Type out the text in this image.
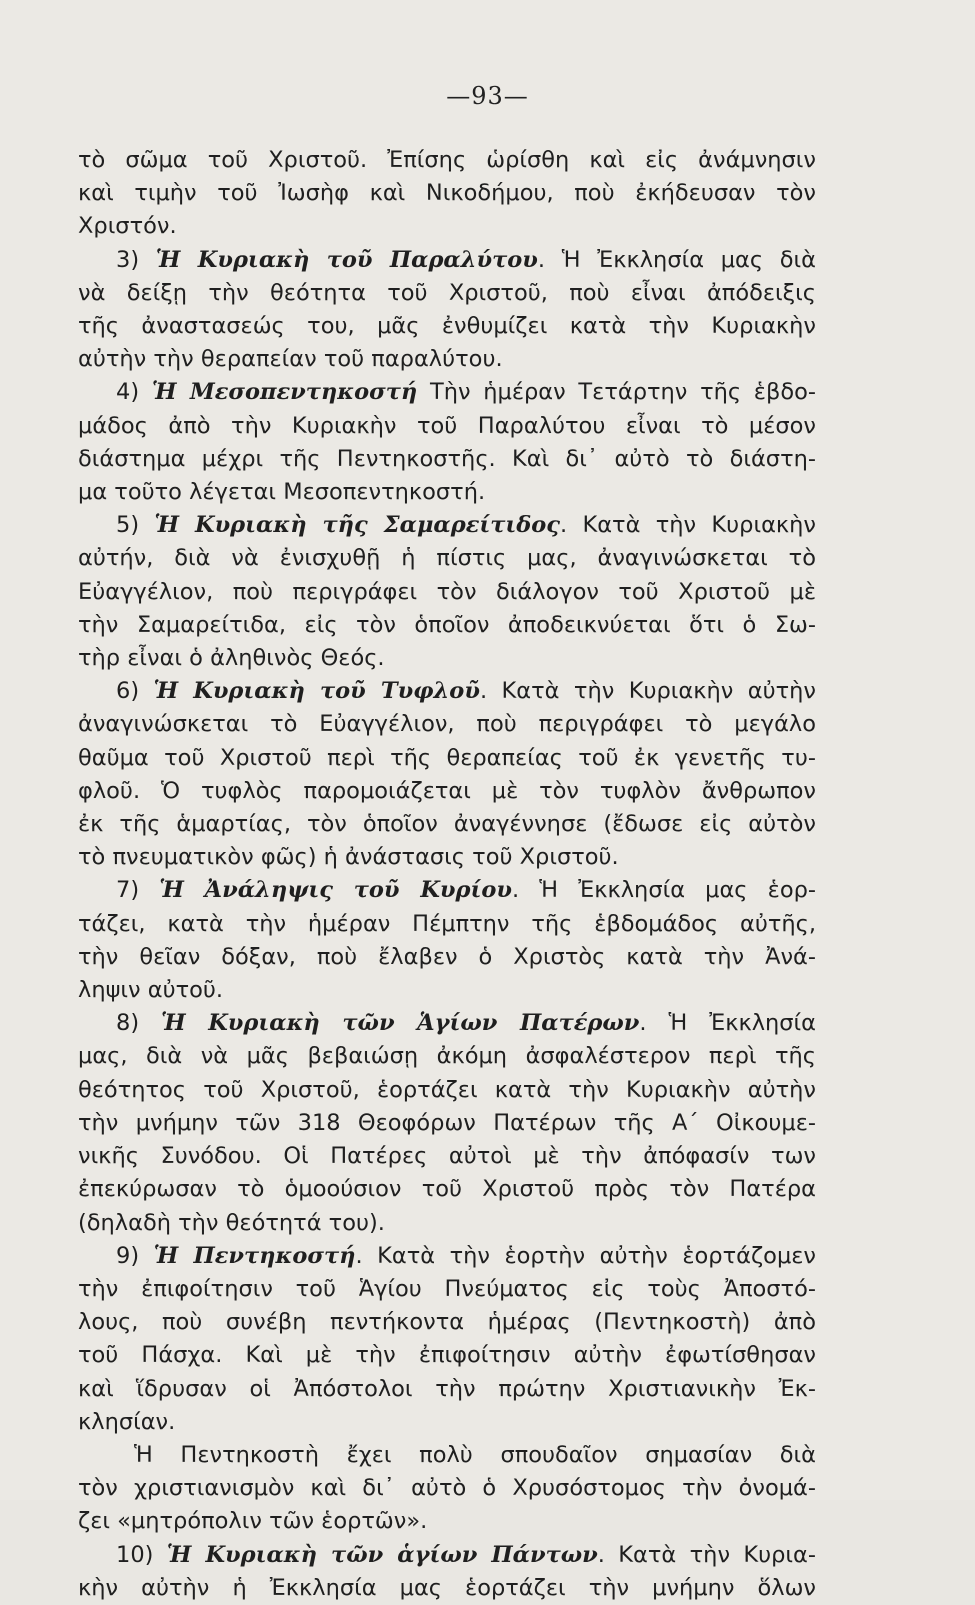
—93—
τὸ σῶμα τοῦ Χριστοῦ. Ἐπίσης ὡρίσθη καὶ εἰς ἀνάμνησιν
καὶ τιμὴν τοῦ Ἰωσὴφ καὶ Νικοδήμου, ποὺ ἐκήδευσαν τὸν
Χριστόν.
3) Ἡ Κυριακὴ τοῦ Παραλύτου. Ἡ Ἐκκλησία μας διὰ
νὰ δείξῃ τὴν θεότητα τοῦ Χριστοῦ, ποὺ εἶναι ἀπόδειξις
τῆς ἀναστασεώς του, μᾶς ἐνθυμίζει κατὰ τὴν Κυριακὴν
αὐτὴν τὴν θεραπείαν τοῦ παραλύτου.
4) Ἡ Μεσοπεντηκοστή Τὴν ἡμέραν Τετάρτην τῆς ἑβδο-
μάδος ἀπὸ τὴν Κυριακὴν τοῦ Παραλύτου εἶναι τὸ μέσον
διάστημα μέχρι τῆς Πεντηκοστῆς. Καὶ δι᾿ αὐτὸ τὸ διάστη-
μα τοῦτο λέγεται Μεσοπεντηκοστή.
5) Ἡ Κυριακὴ τῆς Σαμαρείτιδος. Κατὰ τὴν Κυριακὴν
αὐτήν, διὰ νὰ ἐνισχυθῇ ἡ πίστις μας, ἀναγινώσκεται τὸ
Εὐαγγέλιον, ποὺ περιγράφει τὸν διάλογον τοῦ Χριστοῦ μὲ
τὴν Σαμαρείτιδα, εἰς τὸν ὁποῖον ἀποδεικνύεται ὅτι ὁ Σω-
τὴρ εἶναι ὁ ἀληθινὸς Θεός.
6) Ἡ Κυριακὴ τοῦ Τυφλοῦ. Κατὰ τὴν Κυριακὴν αὐτὴν
ἀναγινώσκεται τὸ Εὐαγγέλιον, ποὺ περιγράφει τὸ μεγάλο
θαῦμα τοῦ Χριστοῦ περὶ τῆς θεραπείας τοῦ ἐκ γενετῆς τυ-
φλοῦ. Ὁ τυφλὸς παρομοιάζεται μὲ τὸν τυφλὸν ἄνθρωπον
ἐκ τῆς ἁμαρτίας, τὸν ὁποῖον ἀναγέννησε (ἔδωσε εἰς αὐτὸν
τὸ πνευματικὸν φῶς) ἡ ἀνάστασις τοῦ Χριστοῦ.
7) Ἡ Ἀνάληψις τοῦ Κυρίου. Ἡ Ἐκκλησία μας ἑορ-
τάζει, κατὰ τὴν ἡμέραν Πέμπτην τῆς ἑβδομάδος αὐτῆς,
τὴν θεῖαν δόξαν, ποὺ ἔλαβεν ὁ Χριστὸς κατὰ τὴν Ἀνά-
ληψιν αὐτοῦ.
8) Ἡ Κυριακὴ τῶν Ἁγίων Πατέρων. Ἡ Ἐκκλησία
μας, διὰ νὰ μᾶς βεβαιώσῃ ἀκόμη ἀσφαλέστερον περὶ τῆς
θεότητος τοῦ Χριστοῦ, ἑορτάζει κατὰ τὴν Κυριακὴν αὐτὴν
τὴν μνήμην τῶν 318 Θεοφόρων Πατέρων τῆς Α΄ Οἰκουμε-
νικῆς Συνόδου. Οἱ Πατέρες αὐτοὶ μὲ τὴν ἀπόφασίν των
ἐπεκύρωσαν τὸ ὁμοούσιον τοῦ Χριστοῦ πρὸς τὸν Πατέρα
(δηλαδὴ τὴν θεότητά του).
9) Ἡ Πεντηκοστή. Κατὰ τὴν ἑορτὴν αὐτὴν ἑορτάζομεν
τὴν ἐπιφοίτησιν τοῦ Ἁγίου Πνεύματος εἰς τοὺς Ἀποστό-
λους, ποὺ συνέβη πεντήκοντα ἡμέρας (Πεντηκοστὴ) ἀπὸ
τοῦ Πάσχα. Καὶ μὲ τὴν ἐπιφοίτησιν αὐτὴν ἐφωτίσθησαν
καὶ ἵδρυσαν οἱ Ἀπόστολοι τὴν πρώτην Χριστιανικὴν Ἐκ-
κλησίαν.
Ἡ Πεντηκοστὴ ἔχει πολὺ σπουδαῖον σημασίαν διὰ
τὸν χριστιανισμὸν καὶ δι᾿ αὐτὸ ὁ Χρυσόστομος τὴν ὀνομά-
ζει «μητρόπολιν τῶν ἑορτῶν».
10) Ἡ Κυριακὴ τῶν ἁγίων Πάντων. Κατὰ τὴν Κυρια-
κὴν αὐτὴν ἡ Ἐκκλησία μας ἑορτάζει τὴν μνήμην ὅλων
